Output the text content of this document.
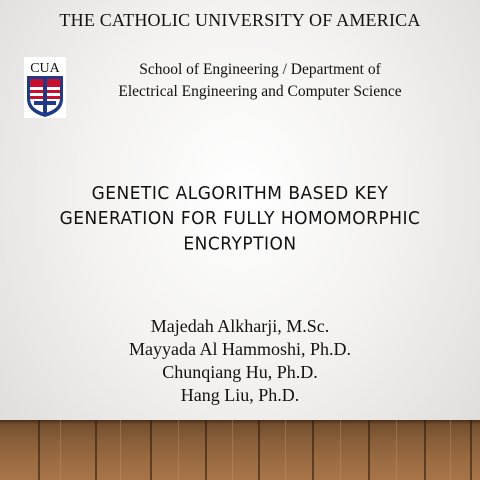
THE CATHOLIC UNIVERSITY OF AMERICA
CUA	School of Engineering / Department of
Electrical Engineering and Computer Science
GENETIC ALGORITHM BASED KEY
GENERATION FOR FULLY HOMOMORPHIC
ENCRYPTION
Majedah Alkharji, M.Sc.
Mayyada Al Hammoshi, Ph.D.
Chunqiang Hu, Ph.D.
Hang Liu, Ph.D.
